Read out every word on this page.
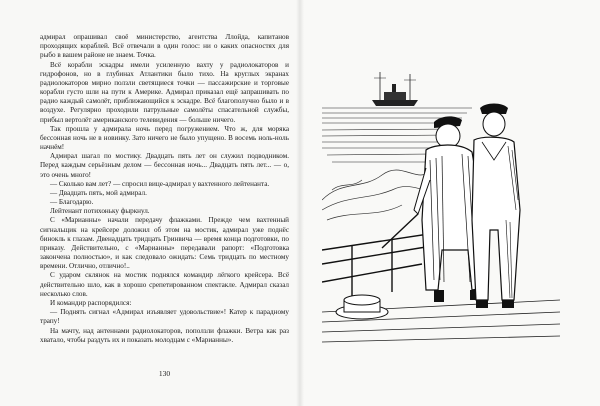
адмирал опрашивал своё министерство, агентства Ллойда, капитанов проходящих кораблей. Всё отвечали в один голос: ни о каких опасностях для рыбо в вашем районе не знаем. Точка.

Всё корабли эскадры имели усиленную вахту у радиолокаторов и гидрофонов, но в глубинах Атлантики было тихо. На круглых экранах радиолокаторов мирно ползли светящиеся точки — пассажирские и торговые корабли густо шли на пути к Америке. Адмирал приказал ещё запрашивать по радио каждый самолёт, приближающийся к эскадре. Всё благополучно было и в воздухе. Регулярно проходили патрульные самолёты спасательной службы, прибыл вертолёт американского телевидения — больше ничего.

Так прошла у адмирала ночь перед погружением. Что ж, для моряка бессонная ночь не в новинку. Зато ничего не было упущено. В восемь ноль-ноль начнём!

Адмирал шагал по мостику. Двадцать пять лет он служил подводником. Перед каждым серьёзным делом — бессонная ночь... Двадцать пять лет... — о, это очень много!

— Сколько вам лет? — спросил вице-адмирал у вахтенного лейтенанта.

— Двадцать пять, мой адмирал.

— Благодарю.

Лейтенант потихоньку фыркнул.

С «Марианны» начали передачу флажками. Прежде чем вахтенный сигнальщик на крейсере доложил об этом на мостик, адмирал уже поднёс бинокль к глазам. Двенадцать тридцать Гринвича — время конца подготовки, по приказу. Действительно, с «Марианны» передавали рапорт: «Подготовка закончена полностью», и как следовало ожидать: Семь тридцать по местному времени. Отлично, отлично!..

С ударом склянок на мостик поднялся командир лёгкого крейсера. Всё действительно шло, как в хорошо срепетированном спектакле. Адмирал сказал несколько слов.

И командир распорядился:

— Поднять сигнал «Адмирал изъявляет удовольствие»! Катер к парадному трапу!

На мачту, над антеннами радиолокаторов, поползли флажки. Ветра как раз хватало, чтобы раздуть их и показать молодцам с «Марианны».

130
